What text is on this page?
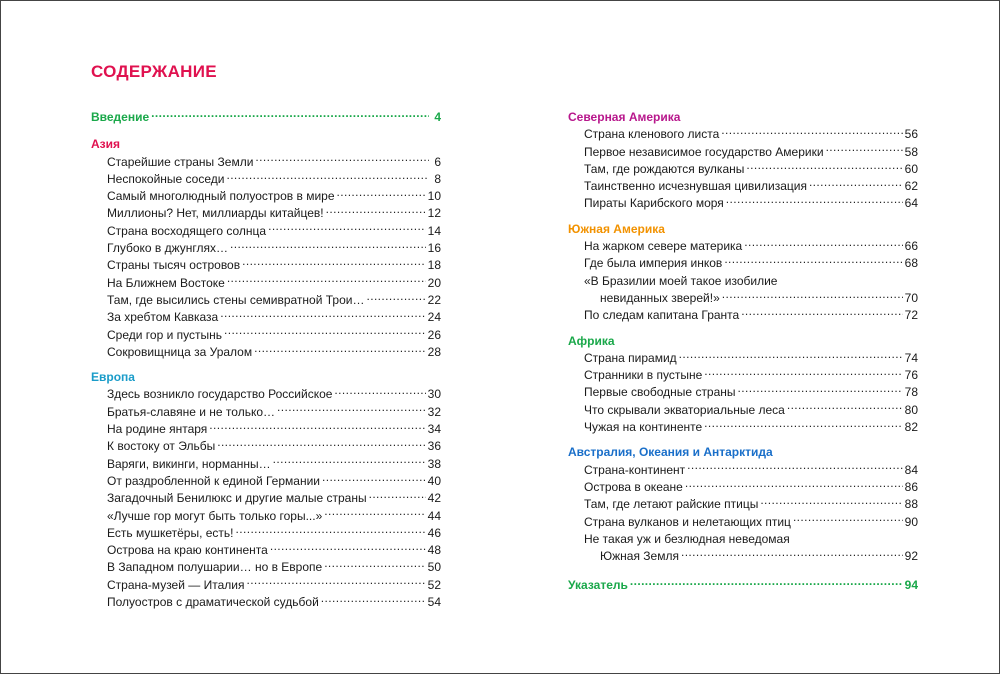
СОДЕРЖАНИЕ
Введение .....	4
Азия
Старейшие страны Земли .....	6
Неспокойные соседи .....	8
Самый многолюдный полуостров в мире .....	10
Миллионы? Нет, миллиарды китайцев! .....	12
Страна восходящего солнца .....	14
Глубоко в джунглях… .....	16
Страны тысяч островов .....	18
На Ближнем Востоке .....	20
Там, где высились стены семивратной Трои… .....	22
За хребтом Кавказа .....	24
Среди гор и пустынь .....	26
Сокровищница за Уралом .....	28
Европа
Здесь возникло государство Российское .....	30
Братья-славяне и не только… .....	32
На родине янтаря .....	34
К востоку от Эльбы .....	36
Варяги, викинги, норманны… .....	38
От раздробленной к единой Германии .....	40
Загадочный Бенилюкс и другие малые страны .....	42
«Лучше гор могут быть только горы...» .....	44
Есть мушкетёры, есть! .....	46
Острова на краю континента .....	48
В Западном полушарии… но в Европе .....	50
Страна-музей — Италия .....	52
Полуостров с драматической судьбой .....	54
Северная Америка
Страна кленового листа .....	56
Первое независимое государство Америки .....	58
Там, где рождаются вулканы .....	60
Таинственно исчезнувшая цивилизация .....	62
Пираты Карибского моря .....	64
Южная Америка
На жарком севере материка .....	66
Где была империя инков .....	68
«В Бразилии моей такое изобилие
невиданных зверей!» .....	70
По следам капитана Гранта .....	72
Африка
Страна пирамид .....	74
Странники в пустыне .....	76
Первые свободные страны .....	78
Что скрывали экваториальные леса .....	80
Чужая на континенте .....	82
Австралия, Океания и Антарктида
Страна-континент .....	84
Острова в океане .....	86
Там, где летают райские птицы .....	88
Страна вулканов и нелетающих птиц .....	90
Не такая уж и безлюдная неведомая
Южная Земля .....	92
Указатель .....	94
